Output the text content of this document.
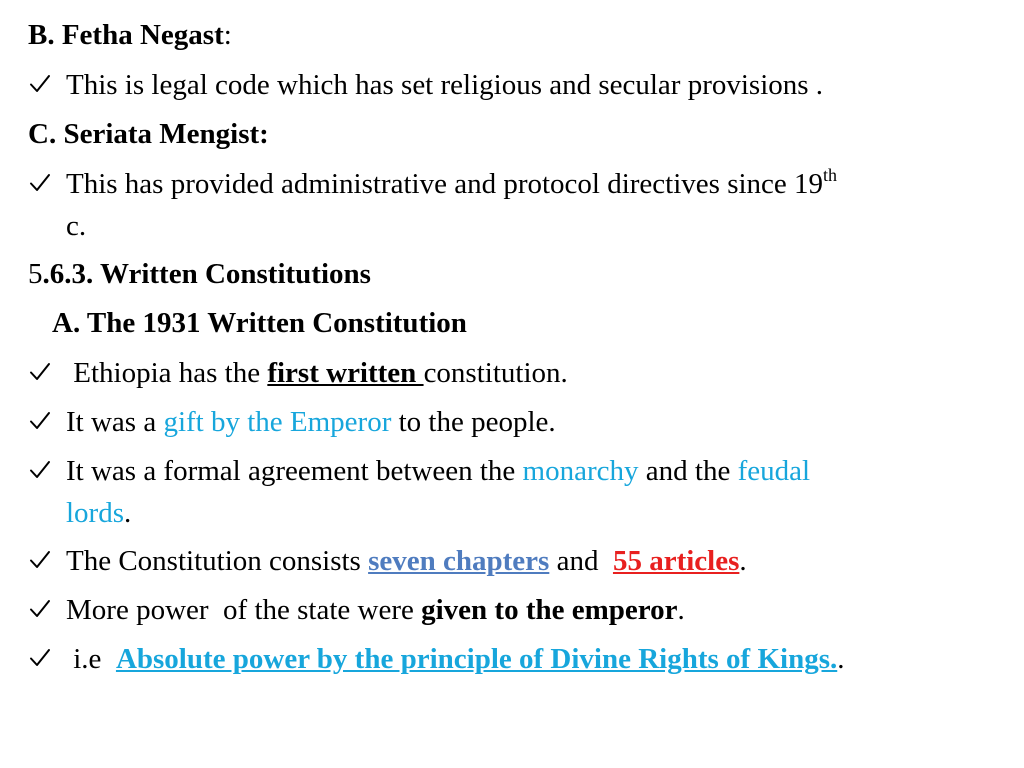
B. Fetha Negast:
This is legal code which has set religious and secular provisions .
C. Seriata Mengist:
This has provided administrative and protocol directives since 19th
c.
5.6.3. Written Constitutions
A. The 1931 Written Constitution
Ethiopia has the first written constitution.
It was a gift by the Emperor to the people.
It was a formal agreement between the monarchy and the feudal
lords.
The Constitution consists seven chapters and  55 articles.
More power  of the state were given to the emperor.
i.e  Absolute power by the principle of Divine Rights of Kings..
